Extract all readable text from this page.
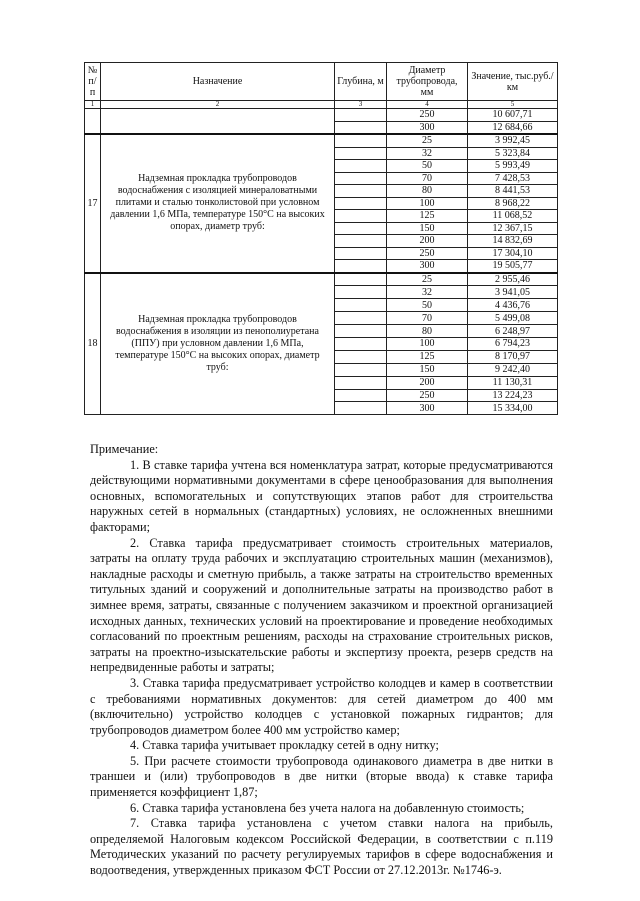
№ п/п	Назначение	Глубина, м	Диаметр трубопровода, мм	Значение, тыс.руб./км
1	2	3	4	5
			250	10 607,71
			300	12 684,66
17	Надземная прокладка трубопроводов водоснабжения с изоляцией минераловатными плитами и сталью тонколистовой при условном давлении 1,6 МПа, температуре 150°С на высоких опорах, диаметр труб:		25	3 992,45
			32	5 323,84
			50	5 993,49
			70	7 428,53
			80	8 441,53
			100	8 968,22
			125	11 068,52
			150	12 367,15
			200	14 832,69
			250	17 304,10
			300	19 505,77
18	Надземная прокладка трубопроводов водоснабжения в изоляции из пенополиуретана (ППУ) при условном давлении 1,6 МПа, температуре 150°С на высоких опорах, диаметр труб:		25	2 955,46
			32	3 941,05
			50	4 436,76
			70	5 499,08
			80	6 248,97
			100	6 794,23
			125	8 170,97
			150	9 242,40
			200	11 130,31
			250	13 224,23
			300	15 334,00

Примечание:

1. В ставке тарифа учтена вся номенклатура затрат, которые предусматриваются действующими нормативными документами в сфере ценообразования для выполнения основных, вспомогательных и сопутствующих этапов работ для строительства наружных сетей в нормальных (стандартных) условиях, не осложненных внешними факторами;

2. Ставка тарифа предусматривает стоимость строительных материалов, затраты на оплату труда рабочих и эксплуатацию строительных машин (механизмов), накладные расходы и сметную прибыль, а также затраты на строительство временных титульных зданий и сооружений и дополнительные затраты на производство работ в зимнее время, затраты, связанные с получением заказчиком и проектной организацией исходных данных, технических условий на проектирование и проведение необходимых согласований по проектным решениям, расходы на страхование строительных рисков, затраты на проектно-изыскательские работы и экспертизу проекта, резерв средств на непредвиденные работы и затраты;

3. Ставка тарифа предусматривает устройство колодцев и камер в соответствии с требованиями нормативных документов: для сетей диаметром до 400 мм (включительно) устройство колодцев с установкой пожарных гидрантов; для трубопроводов диаметром более 400 мм устройство камер;

4. Ставка тарифа учитывает прокладку сетей в одну нитку;

5. При расчете стоимости трубопровода одинакового диаметра в две нитки в траншеи и (или) трубопроводов в две нитки (вторые ввода) к ставке тарифа применяется коэффициент 1,87;

6. Ставка тарифа установлена без учета налога на добавленную стоимость;

7. Ставка тарифа установлена с учетом ставки налога на прибыль, определяемой Налоговым кодексом Российской Федерации, в соответствии с п.119 Методических указаний по расчету регулируемых тарифов в сфере водоснабжения и водоотведения, утвержденных приказом ФСТ России от 27.12.2013г. №1746-э.
